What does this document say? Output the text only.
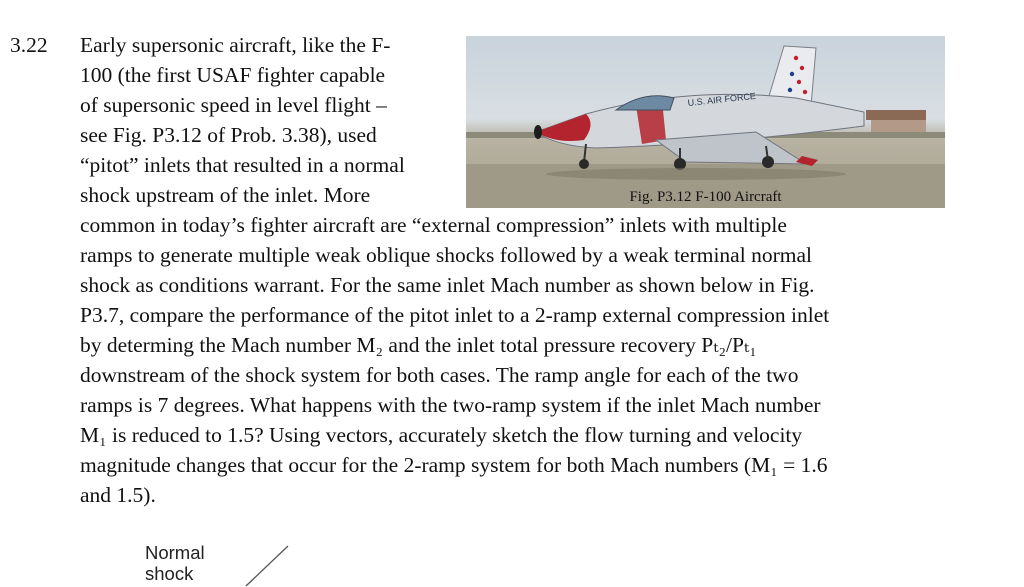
3.22 Early supersonic aircraft, like the F-
100 (the first USAF fighter capable
of supersonic speed in level flight –
see Fig. P3.12 of Prob. 3.38), used
“pitot” inlets that resulted in a normal
shock upstream of the inlet. More
common in today’s fighter aircraft are “external compression” inlets with multiple
ramps to generate multiple weak oblique shocks followed by a weak terminal normal
shock as conditions warrant. For the same inlet Mach number as shown below in Fig.
P3.7, compare the performance of the pitot inlet to a 2-ramp external compression inlet
by determing the Mach number M₂ and the inlet total pressure recovery Pₜ₂/Pₜ₁
downstream of the shock system for both cases. The ramp angle for each of the two
ramps is 7 degrees. What happens with the two-ramp system if the inlet Mach number
M₁ is reduced to 1.5? Using vectors, accurately sketch the flow turning and velocity
magnitude changes that occur for the 2-ramp system for both Mach numbers (M₁ = 1.6
and 1.5).
U.S. AIR FORCE
Fig. P3.12 F-100 Aircraft
Normal
shock
